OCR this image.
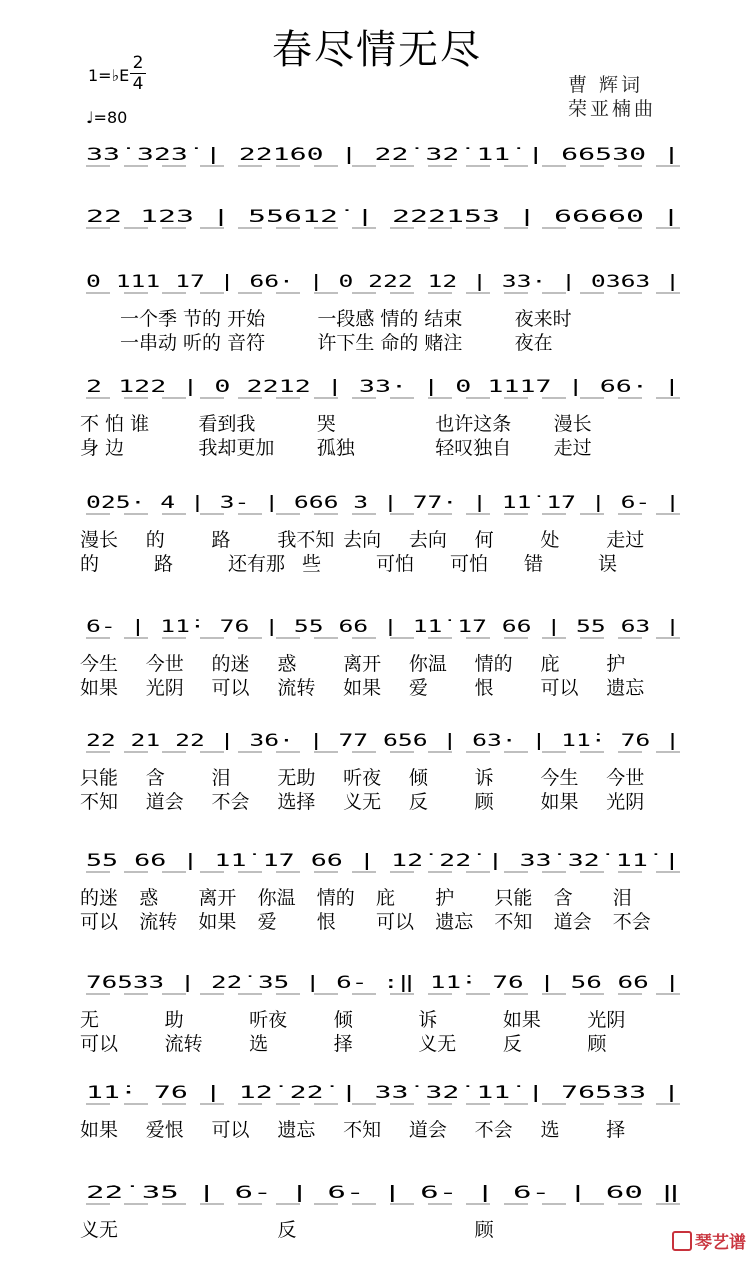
春尽情无尽
1=♭E
2
4
♩=80
曹 辉词
荣亚楠曲
3̇3̇ 3̇2̇3̇ | 2̇2̇1̇60 | 2̇2̇ 3̇2̇ 1̇1̇ | 66530 |
22 123 | 5561̇2̇ | 2̇2̇2̇1̇53 | 66660 |
0 111 17 | 66· | 0 222 12 | 33· | 0363 |
一个季 节的 开始	一段感 情的 结束	夜来时
一串动 听的 音符	许下生 命的 赌注	夜在
2 122 | 0 2212 | 33· | 0 1117 | 66· |
不 怕 谁	看到我	哭	也许这条 漫长
身 边	我却更加 孤独	轻叹独自 走过
025· 4 | 3- | 666 3 | 77· | 1̇1̇ 1̇7 | 6- |
漫长 的 路 我不知 去向 去向 何 处 走过
的	路	还有那 些	可怕 可怕 错	误
6- | 1̇1̇· 76 | 55 66 | 1̇1̇ 1̇7 66 | 55 63 |
今生 今世 的迷 惑 离开 你温 情的 庇 护
如果 光阴 可以 流转 如果 爱 恨 可以 遗忘
22 21 22 | 36· | 77 656 | 63· | 1̇1̇· 76 |
只能 含 泪 无助 听夜 倾 诉 今生 今世
不知 道会 不会 选择 义无 反 顾 如果 光阴
55 66 | 1̇1̇ 1̇7 66 | 1̇2̇ 2̇2̇ | 3̇3̇ 3̇2̇ 1̇1̇ |
的迷 惑 离开 你温 情的 庇 护 只能 含 泪
可以 流转 如果 爱 恨 可以 遗忘 不知 道会 不会
76533 | 2̇2̇ 3̇5 | 6- :‖ 1̇1̇· 76 | 56 66 |
无	助	听夜 倾	诉	如果 光阴
可以 流转 选	择	义无 反	顾
1̇1̇· 76 | 1̇2̇ 2̇2̇ | 3̇3̇ 3̇2̇ 1̇1̇ | 76533 |
如果 爱恨 可以 遗忘 不知 道会 不会 选 择
2̇2̇ 3̇5 | 6- | 6- | 6- | 6- | 60 ‖
义无	反	顾
琴艺谱
